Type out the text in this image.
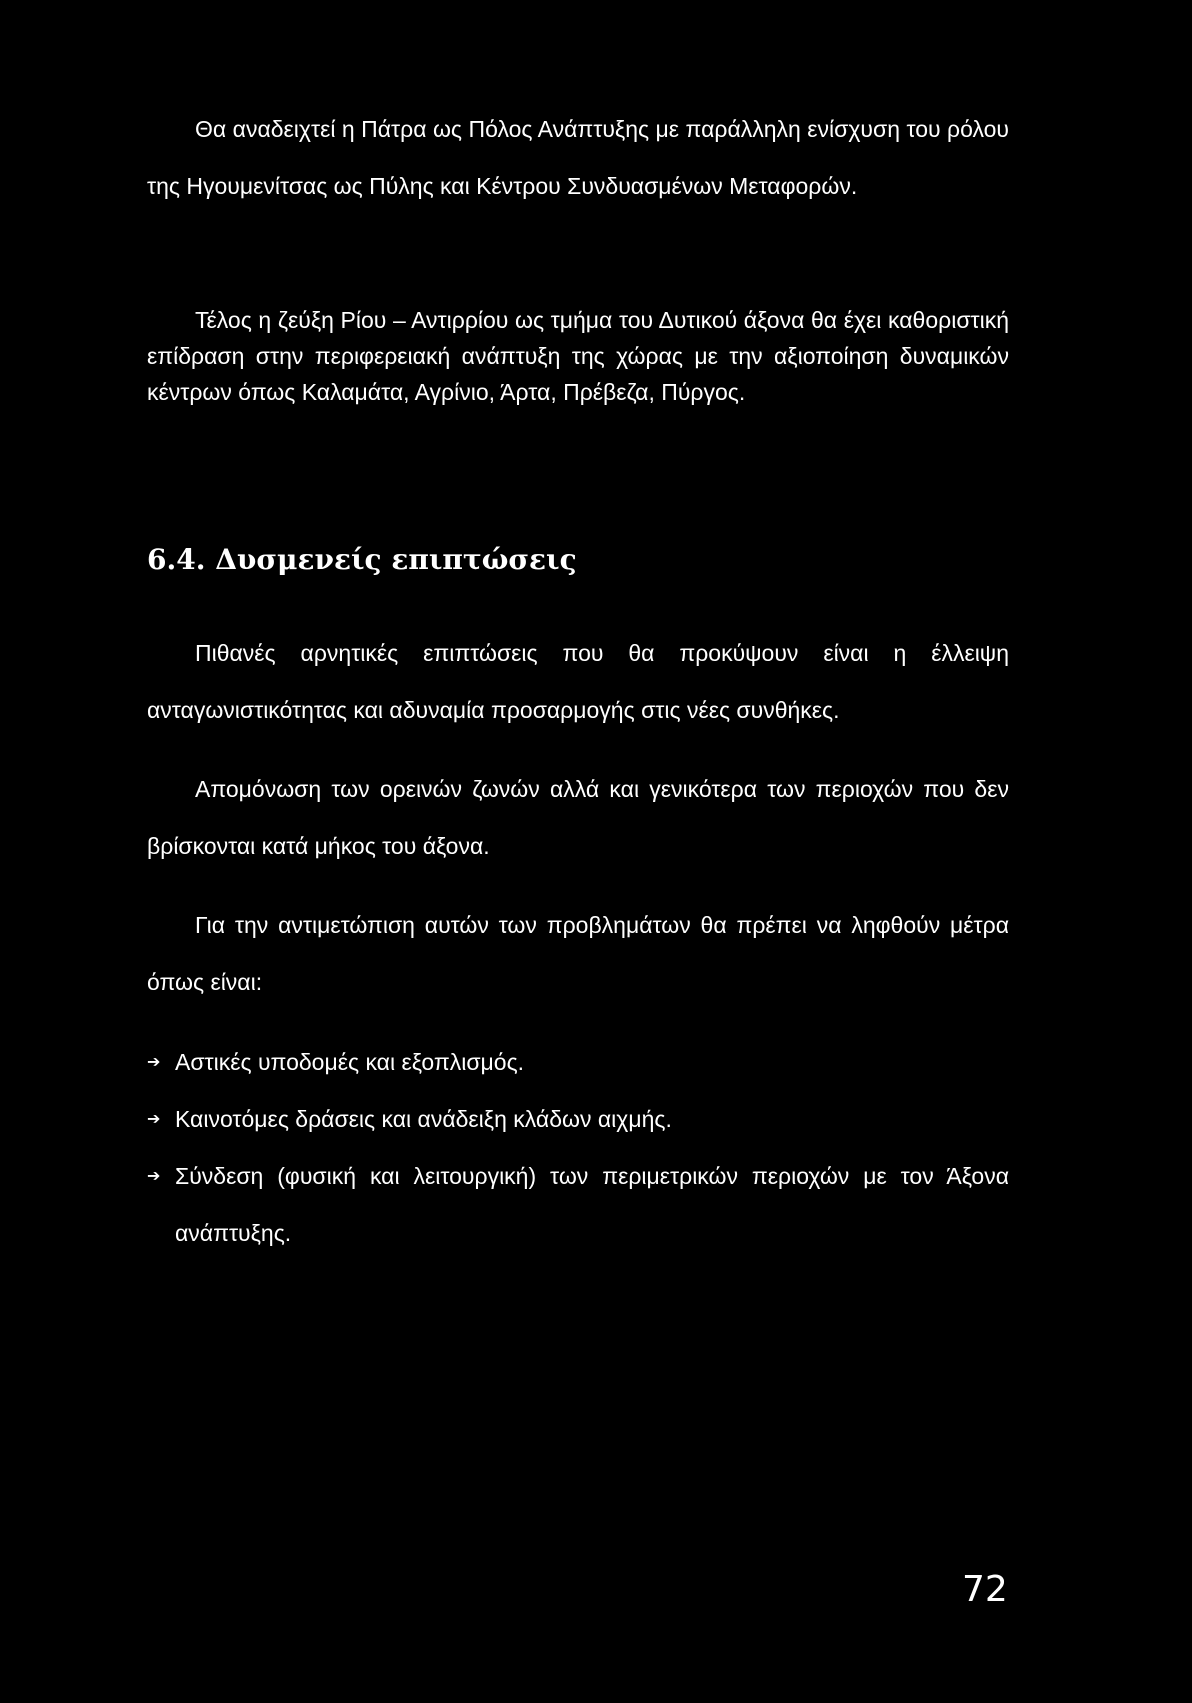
Θα αναδειχτεί η Πάτρα ως Πόλος Ανάπτυξης με παράλληλη ενίσχυση του ρόλου της Ηγουμενίτσας ως Πύλης και Κέντρου Συνδυασμένων Μεταφορών.

Τέλος η ζεύξη Ρίου – Αντιρρίου ως τμήμα του Δυτικού άξονα θα έχει καθοριστική επίδραση στην περιφερειακή ανάπτυξη της χώρας με την αξιοποίηση δυναμικών κέντρων όπως Καλαμάτα, Αγρίνιο, Άρτα, Πρέβεζα, Πύργος.

6.4. Δυσμενείς επιπτώσεις

Πιθανές αρνητικές επιπτώσεις που θα προκύψουν είναι η έλλειψη ανταγωνιστικότητας και αδυναμία προσαρμογής στις νέες συνθήκες.

Απομόνωση των ορεινών ζωνών αλλά και γενικότερα των περιοχών που δεν βρίσκονται κατά μήκος του άξονα.

Για την αντιμετώπιση αυτών των προβλημάτων θα πρέπει να ληφθούν μέτρα όπως είναι:

➔ Αστικές υποδομές και εξοπλισμός.
➔ Καινοτόμες δράσεις και ανάδειξη κλάδων αιχμής.
➔ Σύνδεση (φυσική και λειτουργική) των περιμετρικών περιοχών με τον Άξονα ανάπτυξης.

72
